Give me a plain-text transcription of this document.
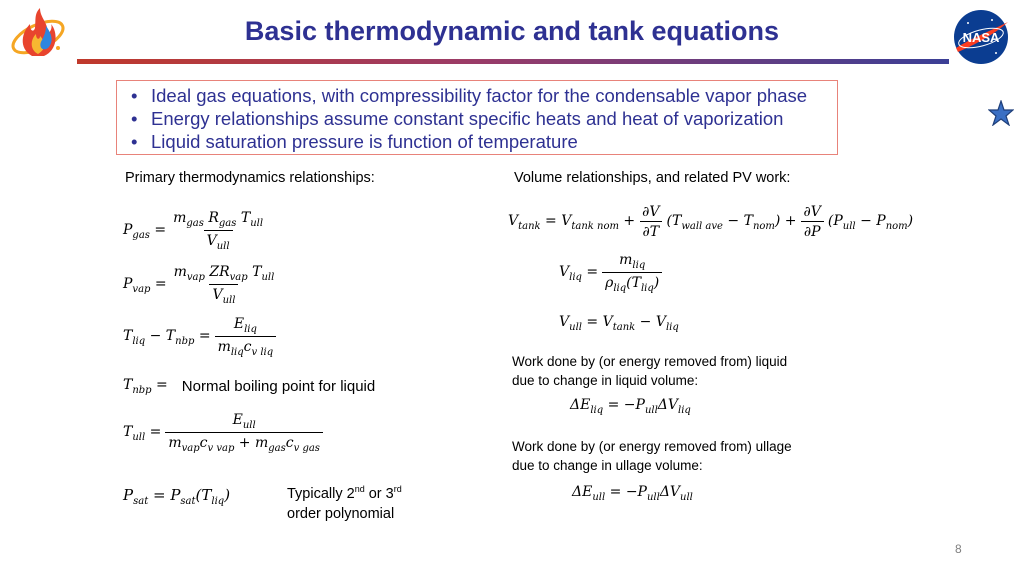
Basic thermodynamic and tank equations	NASA
• Ideal gas equations, with compressibility factor for the condensable vapor phase
• Energy relationships assume constant specific heats and heat of vaporization
• Liquid saturation pressure is function of temperature
Primary thermodynamics relationships:
$P_{gas} = \frac{m_{gas} R_{gas} T_{ull}}{V_{ull}}$
$P_{vap} = \frac{m_{vap} ZR_{vap} T_{ull}}{V_{ull}}$
$T_{liq} - T_{nbp} = \frac{E_{liq}}{m_{liq}c_{v liq}}$
$T_{nbp}$ = Normal boiling point for liquid
$T_{ull} = \frac{E_{ull}}{m_{vap}c_{v vap} + m_{gas}c_{v gas}}$
$P_{sat} = P_{sat}(T_{liq})$	Typically 2nd or 3rd
order polynomial
Volume relationships, and related PV work:
$V_{tank} = V_{tank nom} + \frac{\partial V}{\partial T} (T_{wall ave} - T_{nom}) + \frac{\partial V}{\partial P} (P_{ull} - P_{nom})$
$V_{liq} = \frac{m_{liq}}{\rho_{liq}(T_{liq})}$
$V_{ull} = V_{tank} - V_{liq}$
Work done by (or energy removed from) liquid
due to change in liquid volume:
$\Delta E_{liq} = -P_{ull}\Delta V_{liq}$
Work done by (or energy removed from) ullage
due to change in ullage volume:
$\Delta E_{ull} = -P_{ull}\Delta V_{ull}$
8
